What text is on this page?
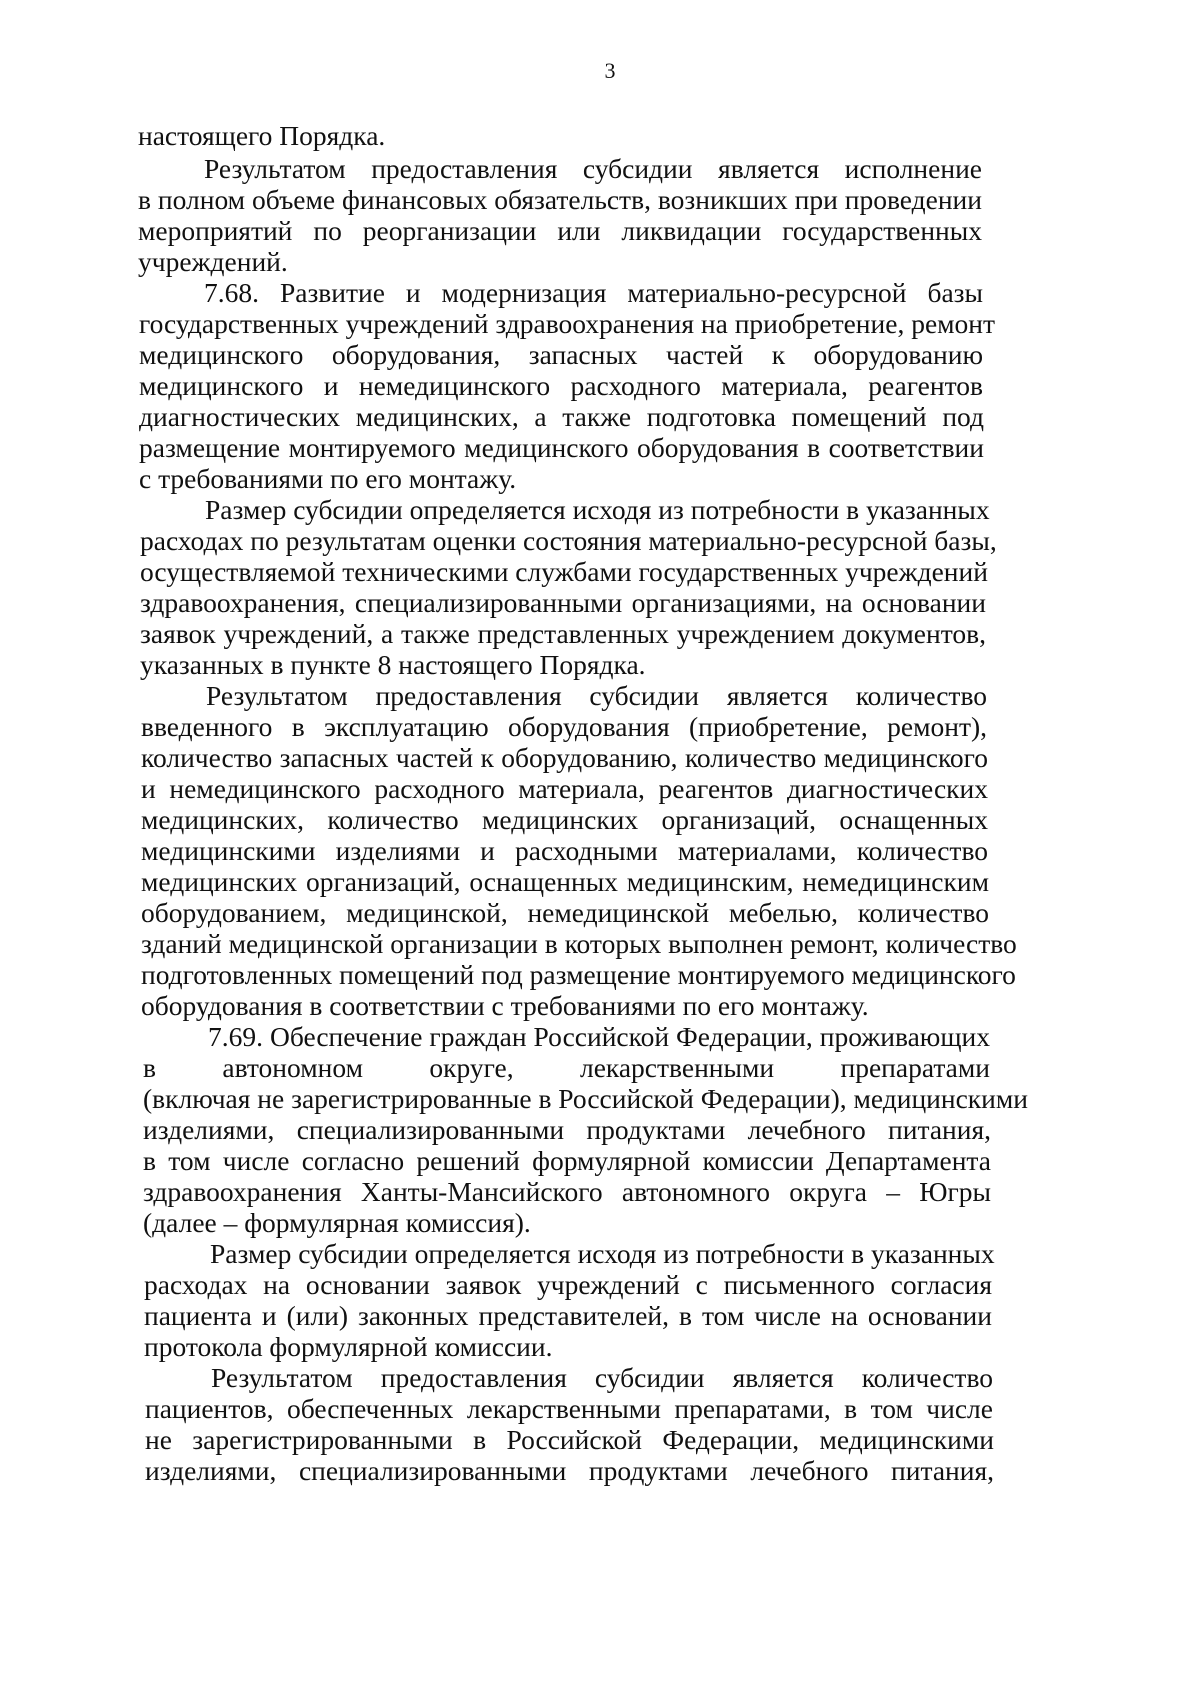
3
настоящего Порядка.
Результатом предоставления субсидии является исполнение
в полном объеме финансовых обязательств, возникших при проведении
мероприятий по реорганизации или ликвидации государственных
учреждений.
7.68. Развитие и модернизация материально-ресурсной базы
государственных учреждений здравоохранения на приобретение, ремонт
медицинского оборудования, запасных частей к оборудованию
медицинского и немедицинского расходного материала, реагентов
диагностических медицинских, а также подготовка помещений под
размещение монтируемого медицинского оборудования в соответствии
с требованиями по его монтажу.
Размер субсидии определяется исходя из потребности в указанных
расходах по результатам оценки состояния материально-ресурсной базы,
осуществляемой техническими службами государственных учреждений
здравоохранения, специализированными организациями, на основании
заявок учреждений, а также представленных учреждением документов,
указанных в пункте 8 настоящего Порядка.
Результатом предоставления субсидии является количество
введенного в эксплуатацию оборудования (приобретение, ремонт),
количество запасных частей к оборудованию, количество медицинского
и немедицинского расходного материала, реагентов диагностических
медицинских, количество медицинских организаций, оснащенных
медицинскими изделиями и расходными материалами, количество
медицинских организаций, оснащенных медицинским, немедицинским
оборудованием, медицинской, немедицинской мебелью, количество
зданий медицинской организации в которых выполнен ремонт, количество
подготовленных помещений под размещение монтируемого медицинского
оборудования в соответствии с требованиями по его монтажу.
7.69. Обеспечение граждан Российской Федерации, проживающих
в автономном округе, лекарственными препаратами
(включая не зарегистрированные в Российской Федерации), медицинскими
изделиями, специализированными продуктами лечебного питания,
в том числе согласно решений формулярной комиссии Департамента
здравоохранения Ханты-Мансийского автономного округа – Югры
(далее – формулярная комиссия).
Размер субсидии определяется исходя из потребности в указанных
расходах на основании заявок учреждений с письменного согласия
пациента и (или) законных представителей, в том числе на основании
протокола формулярной комиссии.
Результатом предоставления субсидии является количество
пациентов, обеспеченных лекарственными препаратами, в том числе
не зарегистрированными в Российской Федерации, медицинскими
изделиями, специализированными продуктами лечебного питания,
